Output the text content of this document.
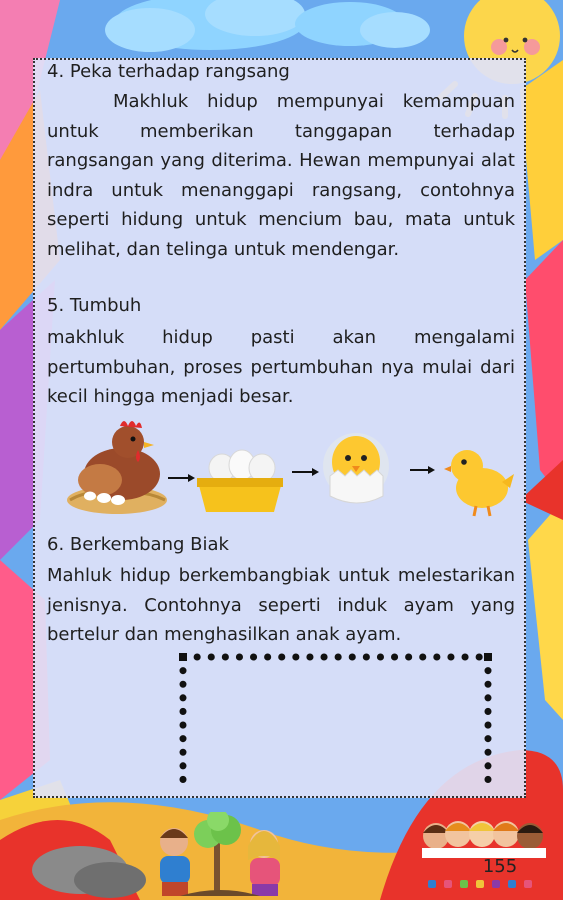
4. Peka terhadap rangsang

Makhluk hidup mempunyai kemampuan untuk memberikan tanggapan terhadap rangsangan yang diterima. Hewan mempunyai alat indra untuk menanggapi rangsang, contohnya seperti hidung untuk mencium bau, mata untuk melihat, dan telinga untuk mendengar.

5. Tumbuh

makhluk hidup pasti akan mengalami pertumbuhan, proses pertumbuhan nya mulai dari kecil hingga menjadi besar.

6. Berkembang Biak

Mahluk hidup berkembangbiak untuk melestarikan jenisnya. Contohnya seperti induk ayam yang bertelur dan menghasilkan anak ayam.

155
